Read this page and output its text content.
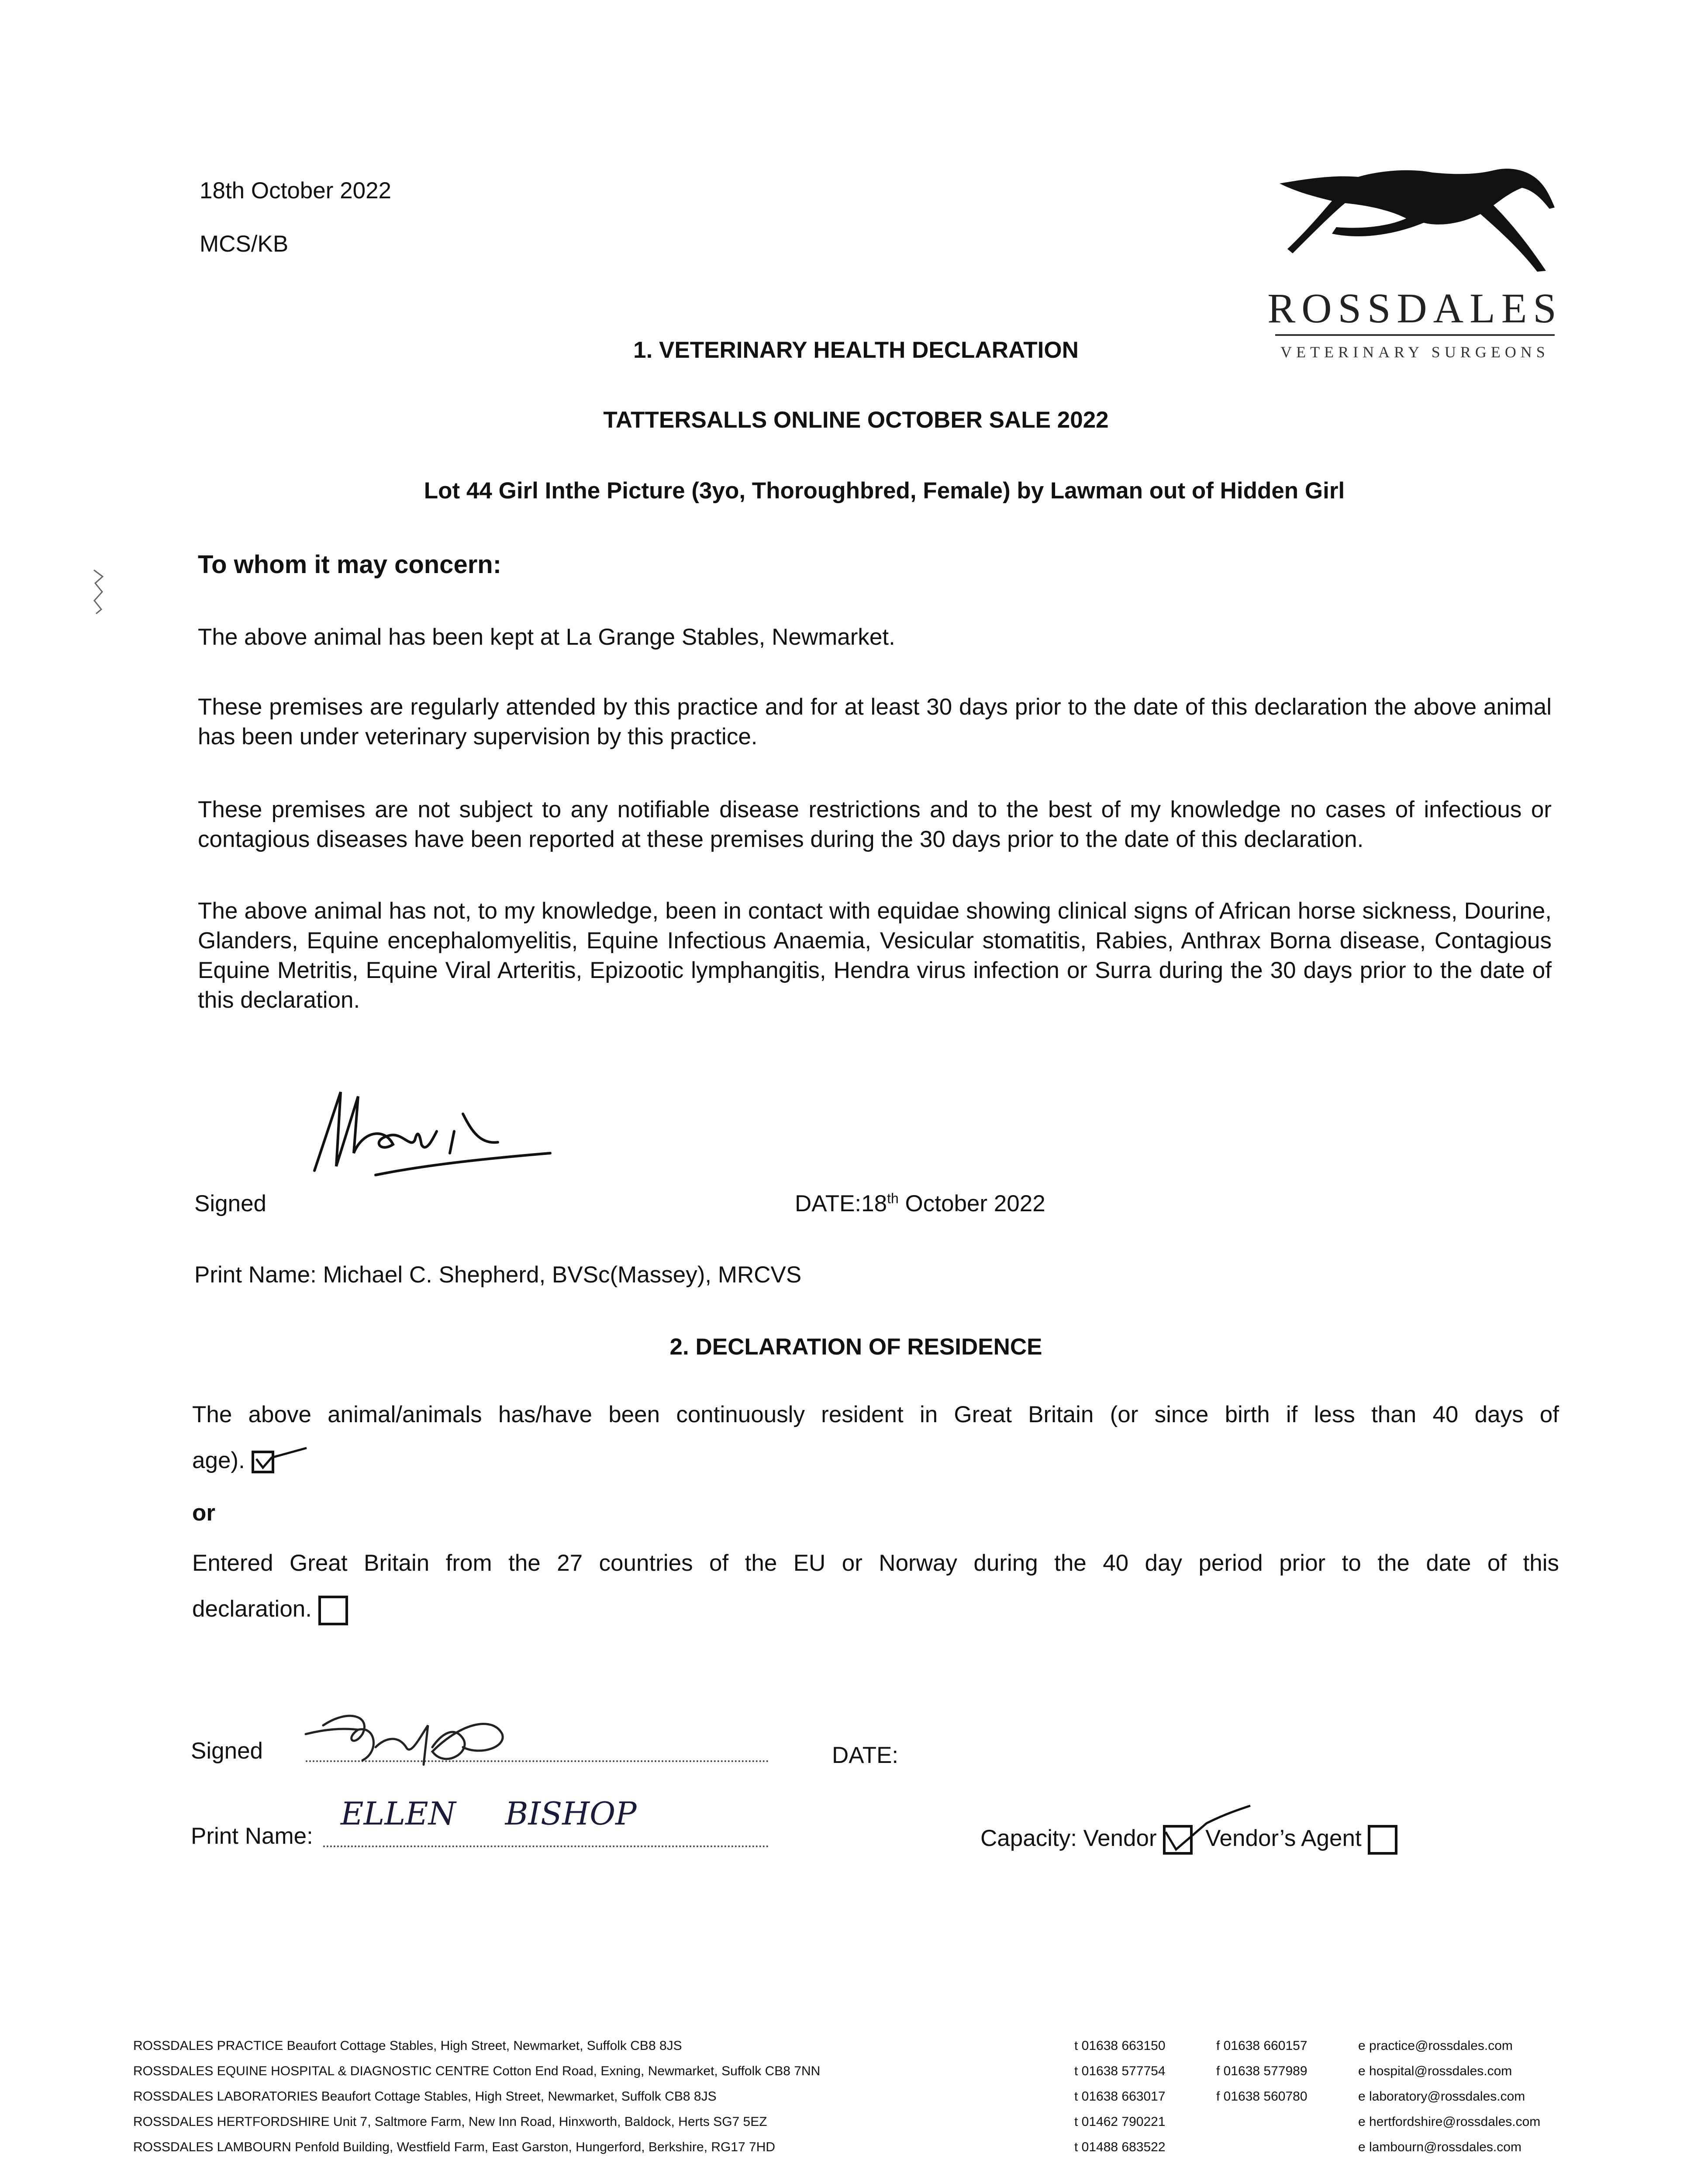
18th October 2022
MCS/KB
ROSSDALES
VETERINARY SURGEONS
1. VETERINARY HEALTH DECLARATION
TATTERSALLS ONLINE OCTOBER SALE 2022
Lot 44 Girl Inthe Picture (3yo, Thoroughbred, Female) by Lawman out of Hidden Girl
To whom it may concern:
The above animal has been kept at La Grange Stables, Newmarket.
These premises are regularly attended by this practice and for at least 30 days prior to the date of this declaration the above animal has been under veterinary supervision by this practice.
These premises are not subject to any notifiable disease restrictions and to the best of my knowledge no cases of infectious or contagious diseases have been reported at these premises during the 30 days prior to the date of this declaration.
The above animal has not, to my knowledge, been in contact with equidae showing clinical signs of African horse sickness, Dourine, Glanders, Equine encephalomyelitis, Equine Infectious Anaemia, Vesicular stomatitis, Rabies, Anthrax Borna disease, Contagious Equine Metritis, Equine Viral Arteritis, Epizootic lymphangitis, Hendra virus infection or Surra during the 30 days prior to the date of this declaration.
Signed	DATE:18th October 2022
Print Name: Michael C. Shepherd, BVSc(Massey), MRCVS
2. DECLARATION OF RESIDENCE
The above animal/animals has/have been continuously resident in Great Britain (or since birth if less than 40 days of
age).
or
Entered Great Britain from the 27 countries of the EU or Norway during the 40 day period prior to the date of this
declaration.
Signed	DATE:
Print Name:
ELLEN BISHOP
Capacity: Vendor Vendor’s Agent
ROSSDALES PRACTICE Beaufort Cottage Stables, High Street, Newmarket, Suffolk CB8 8JS	t 01638 663150	f 01638 660157	e practice@rossdales.com
ROSSDALES EQUINE HOSPITAL & DIAGNOSTIC CENTRE Cotton End Road, Exning, Newmarket, Suffolk CB8 7NN	t 01638 577754	f 01638 577989	e hospital@rossdales.com
ROSSDALES LABORATORIES Beaufort Cottage Stables, High Street, Newmarket, Suffolk CB8 8JS	t 01638 663017	f 01638 560780	e laboratory@rossdales.com
ROSSDALES HERTFORDSHIRE Unit 7, Saltmore Farm, New Inn Road, Hinxworth, Baldock, Herts SG7 5EZ	t 01462 790221	e hertfordshire@rossdales.com
ROSSDALES LAMBOURN Penfold Building, Westfield Farm, East Garston, Hungerford, Berkshire, RG17 7HD	t 01488 683522	e lambourn@rossdales.com
